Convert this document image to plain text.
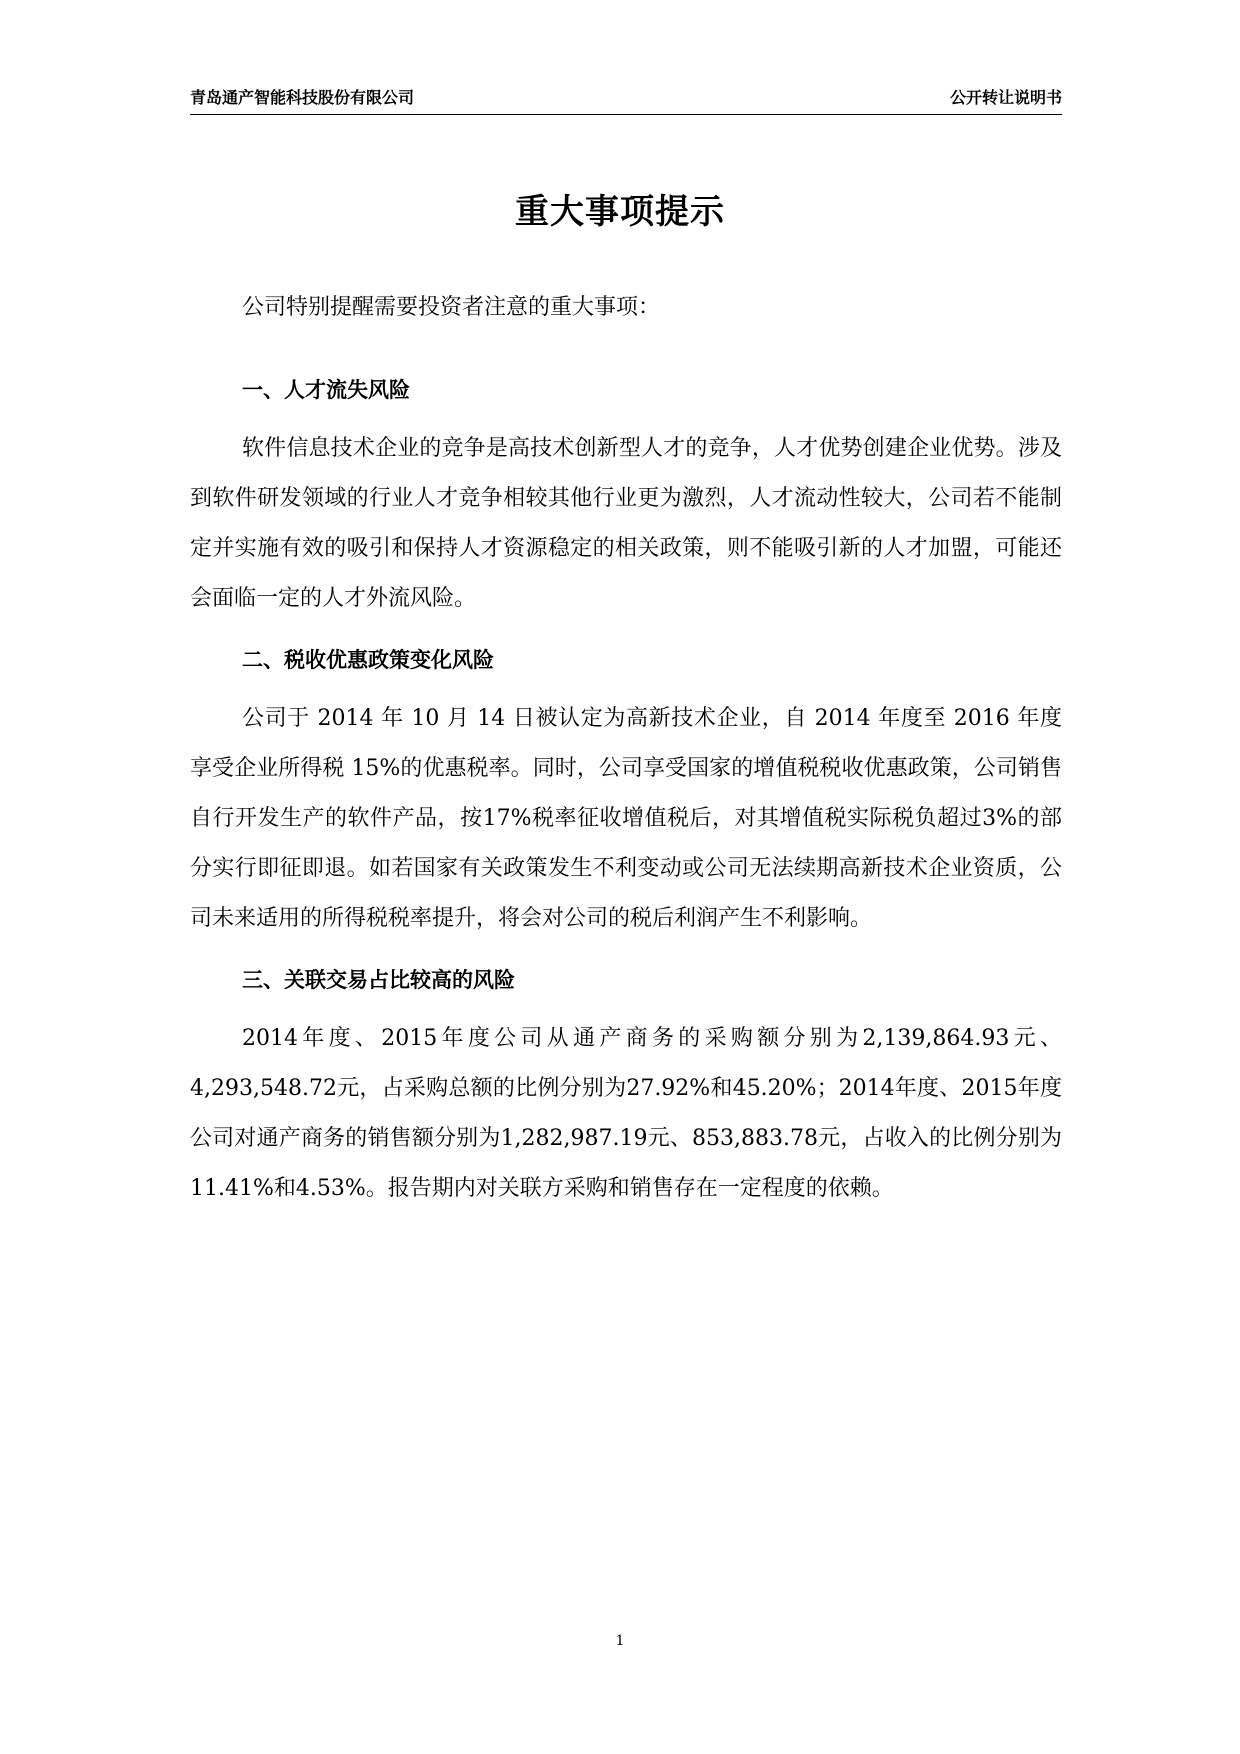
青岛通产智能科技股份有限公司	公开转让说明书
重大事项提示

公司特别提醒需要投资者注意的重大事项：

一、人才流失风险

软件信息技术企业的竞争是高技术创新型人才的竞争，人才优势创建企业优势。涉及到软件研发领域的行业人才竞争相较其他行业更为激烈，人才流动性较大，公司若不能制定并实施有效的吸引和保持人才资源稳定的相关政策，则不能吸引新的人才加盟，可能还会面临一定的人才外流风险。

二、税收优惠政策变化风险

公司于 2014 年 10 月 14 日被认定为高新技术企业，自 2014 年度至 2016 年度享受企业所得税 15%的优惠税率。同时，公司享受国家的增值税税收优惠政策，公司销售自行开发生产的软件产品，按17%税率征收增值税后，对其增值税实际税负超过3%的部分实行即征即退。如若国家有关政策发生不利变动或公司无法续期高新技术企业资质，公司未来适用的所得税税率提升，将会对公司的税后利润产生不利影响。

三、关联交易占比较高的风险

2014年度、2015年度公司从通产商务的采购额分别为2,139,864.93元、4,293,548.72元，占采购总额的比例分别为27.92%和45.20%；2014年度、2015年度公司对通产商务的销售额分别为1,282,987.19元、853,883.78元，占收入的比例分别为11.41%和4.53%。报告期内对关联方采购和销售存在一定程度的依赖。

1
